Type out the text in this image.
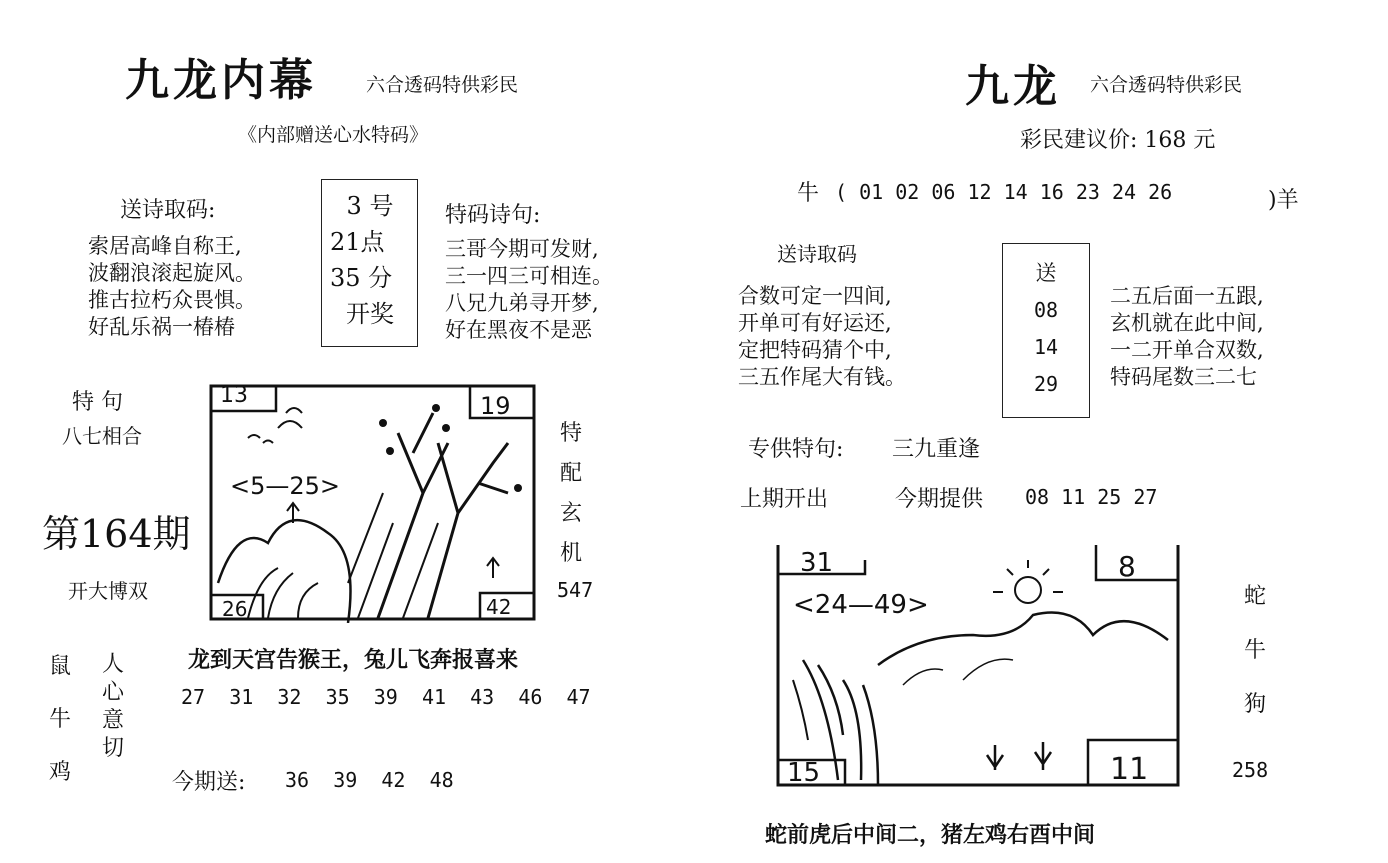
九龙内幕	六合透码特供彩民
《内部赠送心水特码》
送诗取码:
索居高峰自称王,
波翻浪滚起旋风。
推古拉朽众畏惧。
好乱乐祸一椿椿
3 号
21点
35 分
开奖
特码诗句:
三哥今期可发财,
三一四三可相连。
八兄九弟寻开梦,
好在黑夜不是恶
特 句
八七相合
第164期
开大博双
13	19
26	42
<5—25>
特
配
玄
机
547
鼠
牛
鸡
人
心
意
切
龙到天宫告猴王，兔儿飞奔报喜来
27 31 32 35 39 41 43 46 47
今期送: 36 39 42 48
九龙 六合透码特供彩民
彩民建议价: 168 元
牛 ( 01 02 06 12 14 16 23 24 26	)羊
送诗取码
合数可定一四间,
开单可有好运还,
定把特码猜个中,
三五作尾大有钱。
送
08
14
29
二五后面一五跟,
玄机就在此中间,
一二开单合双数,
特码尾数三二七
专供特句: 三九重逢
上期开出	今期提供 08 11 25 27
31	8
15	11
<24—49>	蛇
牛
狗
258
蛇前虎后中间二，猪左鸡右酉中间
